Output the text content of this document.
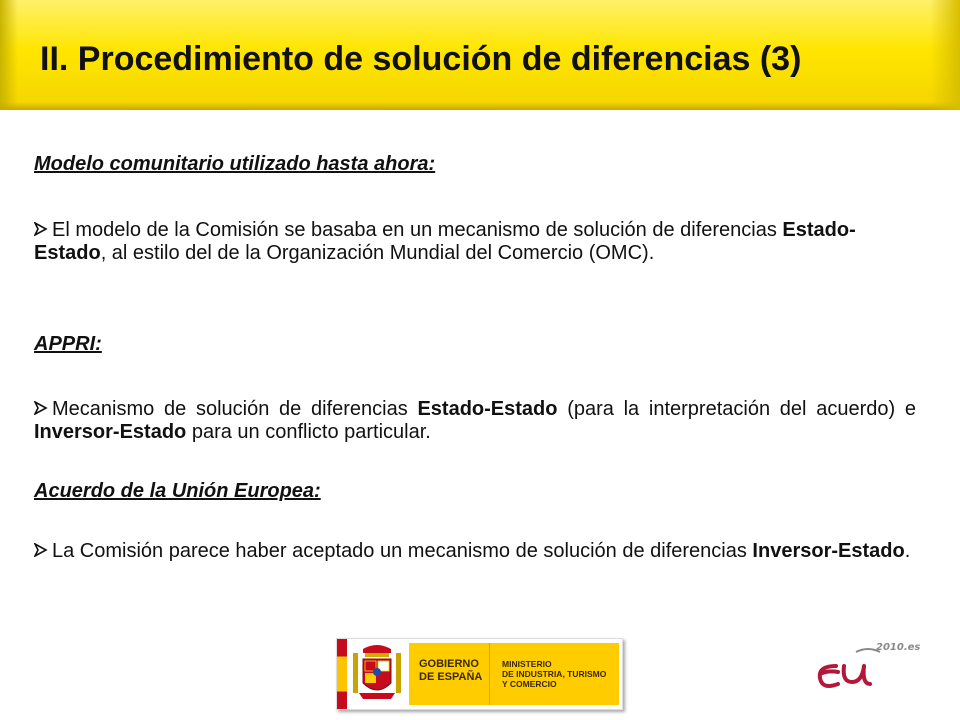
II. Procedimiento de solución de diferencias (3)

Modelo comunitario utilizado hasta ahora:

El modelo de la Comisión se basaba en un mecanismo de solución de diferencias Estado-Estado, al estilo del de la Organización Mundial del Comercio (OMC).

APPRI:

Mecanismo de solución de diferencias Estado-Estado (para la interpretación del acuerdo) e Inversor-Estado para un conflicto particular.

Acuerdo de la Unión Europea:

La Comisión parece haber aceptado un mecanismo de solución de diferencias Inversor-Estado.

GOBIERNO
DE ESPAÑA
MINISTERIO
DE INDUSTRIA, TURISMO
Y COMERCIO
2010.es
